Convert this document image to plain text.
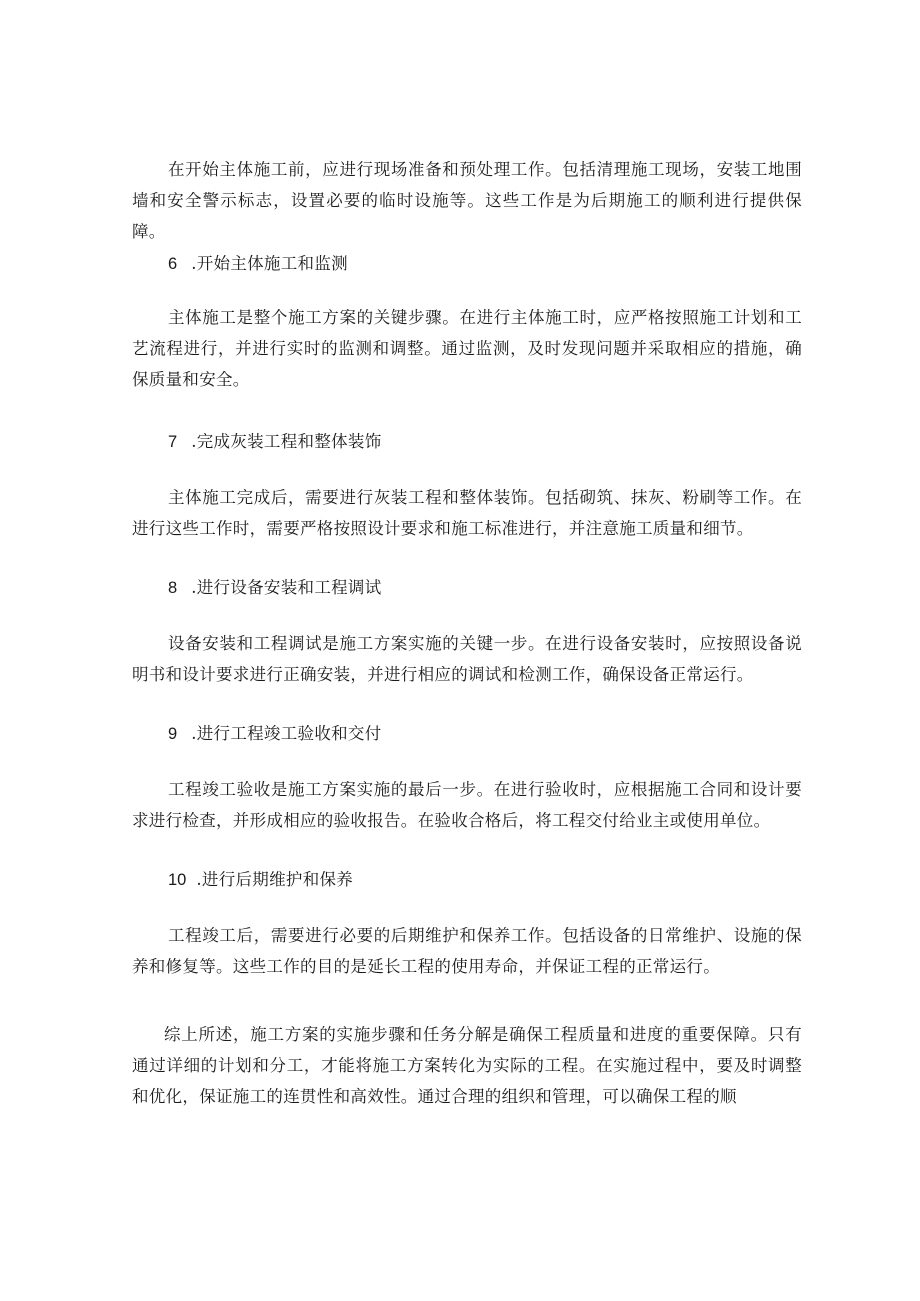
在开始主体施工前，应进行现场准备和预处理工作。包括清理施工现场，安装工地围墙和安全警示标志，设置必要的临时设施等。这些工作是为后期施工的顺利进行提供保障。

6 .开始主体施工和监测

主体施工是整个施工方案的关键步骤。在进行主体施工时，应严格按照施工计划和工艺流程进行，并进行实时的监测和调整。通过监测，及时发现问题并采取相应的措施，确保质量和安全。

7 .完成灰装工程和整体装饰

主体施工完成后，需要进行灰装工程和整体装饰。包括砌筑、抹灰、粉刷等工作。在进行这些工作时，需要严格按照设计要求和施工标准进行，并注意施工质量和细节。

8 .进行设备安装和工程调试

设备安装和工程调试是施工方案实施的关键一步。在进行设备安装时，应按照设备说明书和设计要求进行正确安装，并进行相应的调试和检测工作，确保设备正常运行。

9 .进行工程竣工验收和交付

工程竣工验收是施工方案实施的最后一步。在进行验收时，应根据施工合同和设计要求进行检查，并形成相应的验收报告。在验收合格后，将工程交付给业主或使用单位。

10 .进行后期维护和保养

工程竣工后，需要进行必要的后期维护和保养工作。包括设备的日常维护、设施的保养和修复等。这些工作的目的是延长工程的使用寿命，并保证工程的正常运行。

综上所述，施工方案的实施步骤和任务分解是确保工程质量和进度的重要保障。只有通过详细的计划和分工，才能将施工方案转化为实际的工程。在实施过程中，要及时调整和优化，保证施工的连贯性和高效性。通过合理的组织和管理，可以确保工程的顺
